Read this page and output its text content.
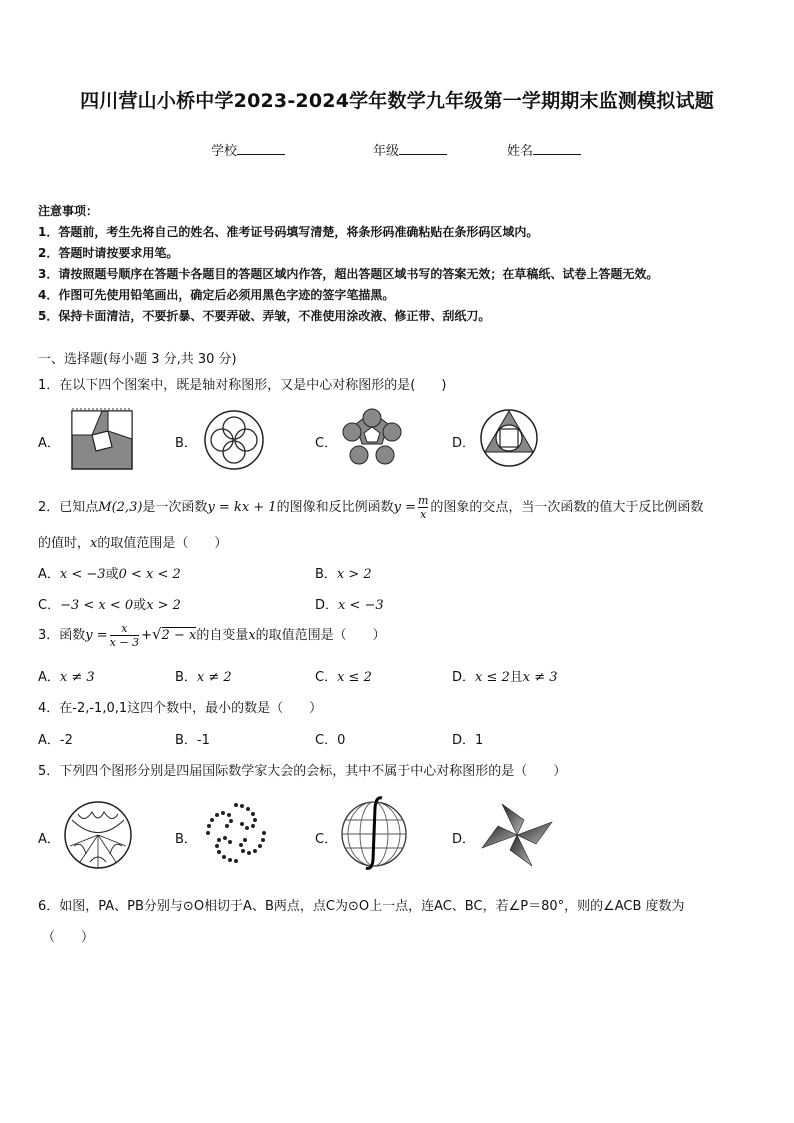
四川营山小桥中学2023-2024学年数学九年级第一学期期末监测模拟试题
学校	年级	姓名
注意事项：
1．答题前，考生先将自己的姓名、准考证号码填写清楚，将条形码准确粘贴在条形码区域内。
2．答题时请按要求用笔。
3．请按照题号顺序在答题卡各题目的答题区域内作答，超出答题区域书写的答案无效；在草稿纸、试卷上答题无效。
4．作图可先使用铅笔画出，确定后必须用黑色字迹的签字笔描黑。
5．保持卡面清洁，不要折暴、不要弄破、弄皱，不准使用涂改液、修正带、刮纸刀。
一、选择题(每小题 3 分,共 30 分)
1．在以下四个图案中，既是轴对称图形，又是中心对称图形的是(　　)
A．	B．	C．	D．
2．已知点M(2,3)是一次函数y = kx + 1的图像和反比例函数$y = \frac{m}{x}$ 的图象的交点，当一次函数的值大于反比例函数
的值时，x的取值范围是（　　）
A．x < −3或0 < x < 2	B．x > 2
C．−3 < x < 0或x > 2	D．x < −3
3．函数$y = \frac{x}{x - 3} +√2 - x$的自变量x的取值范围是（　　）
A．x ≠ 3	B．x ≠ 2	C．x ≤ 2	D．x ≤ 2且x ≠ 3
4．在-2,-1,0,1这四个数中，最小的数是（　　）
A．-2	B．-1	C．0	D．1
5．下列四个图形分别是四届国际数学家大会的会标，其中不属于中心对称图形的是（　　）
A．	B．	C．	D．
6．如图，PA、PB分别与⊙O相切于A、B两点，点C为⊙O上一点，连AC、BC，若∠P＝80°，则的∠ACB 度数为
（　　）
